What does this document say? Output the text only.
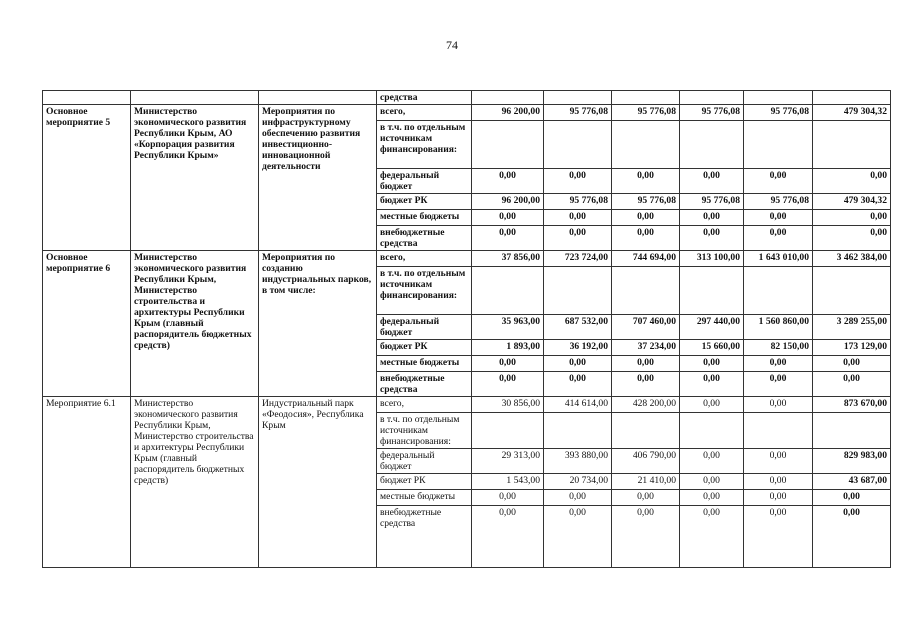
74
			средства						
Основное мероприятие 5	Министерство экономического развития Республики Крым, АО «Корпорация развития Республики Крым»	Мероприятия по инфраструктурному обеспечению развития инвестиционно-инновационной деятельности	всего,	96 200,00	95 776,08	95 776,08	95 776,08	95 776,08	479 304,32
			в т.ч. по отдельным источникам финансирования:						
			федеральный бюджет	0,00	0,00	0,00	0,00	0,00	0,00
			бюджет РК	96 200,00	95 776,08	95 776,08	95 776,08	95 776,08	479 304,32
			местные бюджеты	0,00	0,00	0,00	0,00	0,00	0,00
			внебюджетные средства	0,00	0,00	0,00	0,00	0,00	0,00
Основное мероприятие 6	Министерство экономического развития Республики Крым, Министерство строительства и архитектуры Республики Крым (главный распорядитель бюджетных средств)	Мероприятия по созданию индустриальных парков, в том числе:	всего,	37 856,00	723 724,00	744 694,00	313 100,00	1 643 010,00	3 462 384,00
			в т.ч. по отдельным источникам финансирования:						
			федеральный бюджет	35 963,00	687 532,00	707 460,00	297 440,00	1 560 860,00	3 289 255,00
			бюджет РК	1 893,00	36 192,00	37 234,00	15 660,00	82 150,00	173 129,00
			местные бюджеты	0,00	0,00	0,00	0,00	0,00	0,00
			внебюджетные средства	0,00	0,00	0,00	0,00	0,00	0,00
Мероприятие 6.1	Министерство экономического развития Республики Крым, Министерство строительства и архитектуры Республики Крым (главный распорядитель бюджетных средств)	Индустриальный парк «Феодосия», Республика Крым	всего,	30 856,00	414 614,00	428 200,00	0,00	0,00	873 670,00
			в т.ч. по отдельным источникам финансирования:						
			федеральный бюджет	29 313,00	393 880,00	406 790,00	0,00	0,00	829 983,00
			бюджет РК	1 543,00	20 734,00	21 410,00	0,00	0,00	43 687,00
			местные бюджеты	0,00	0,00	0,00	0,00	0,00	0,00
			внебюджетные средства	0,00	0,00	0,00	0,00	0,00	0,00
